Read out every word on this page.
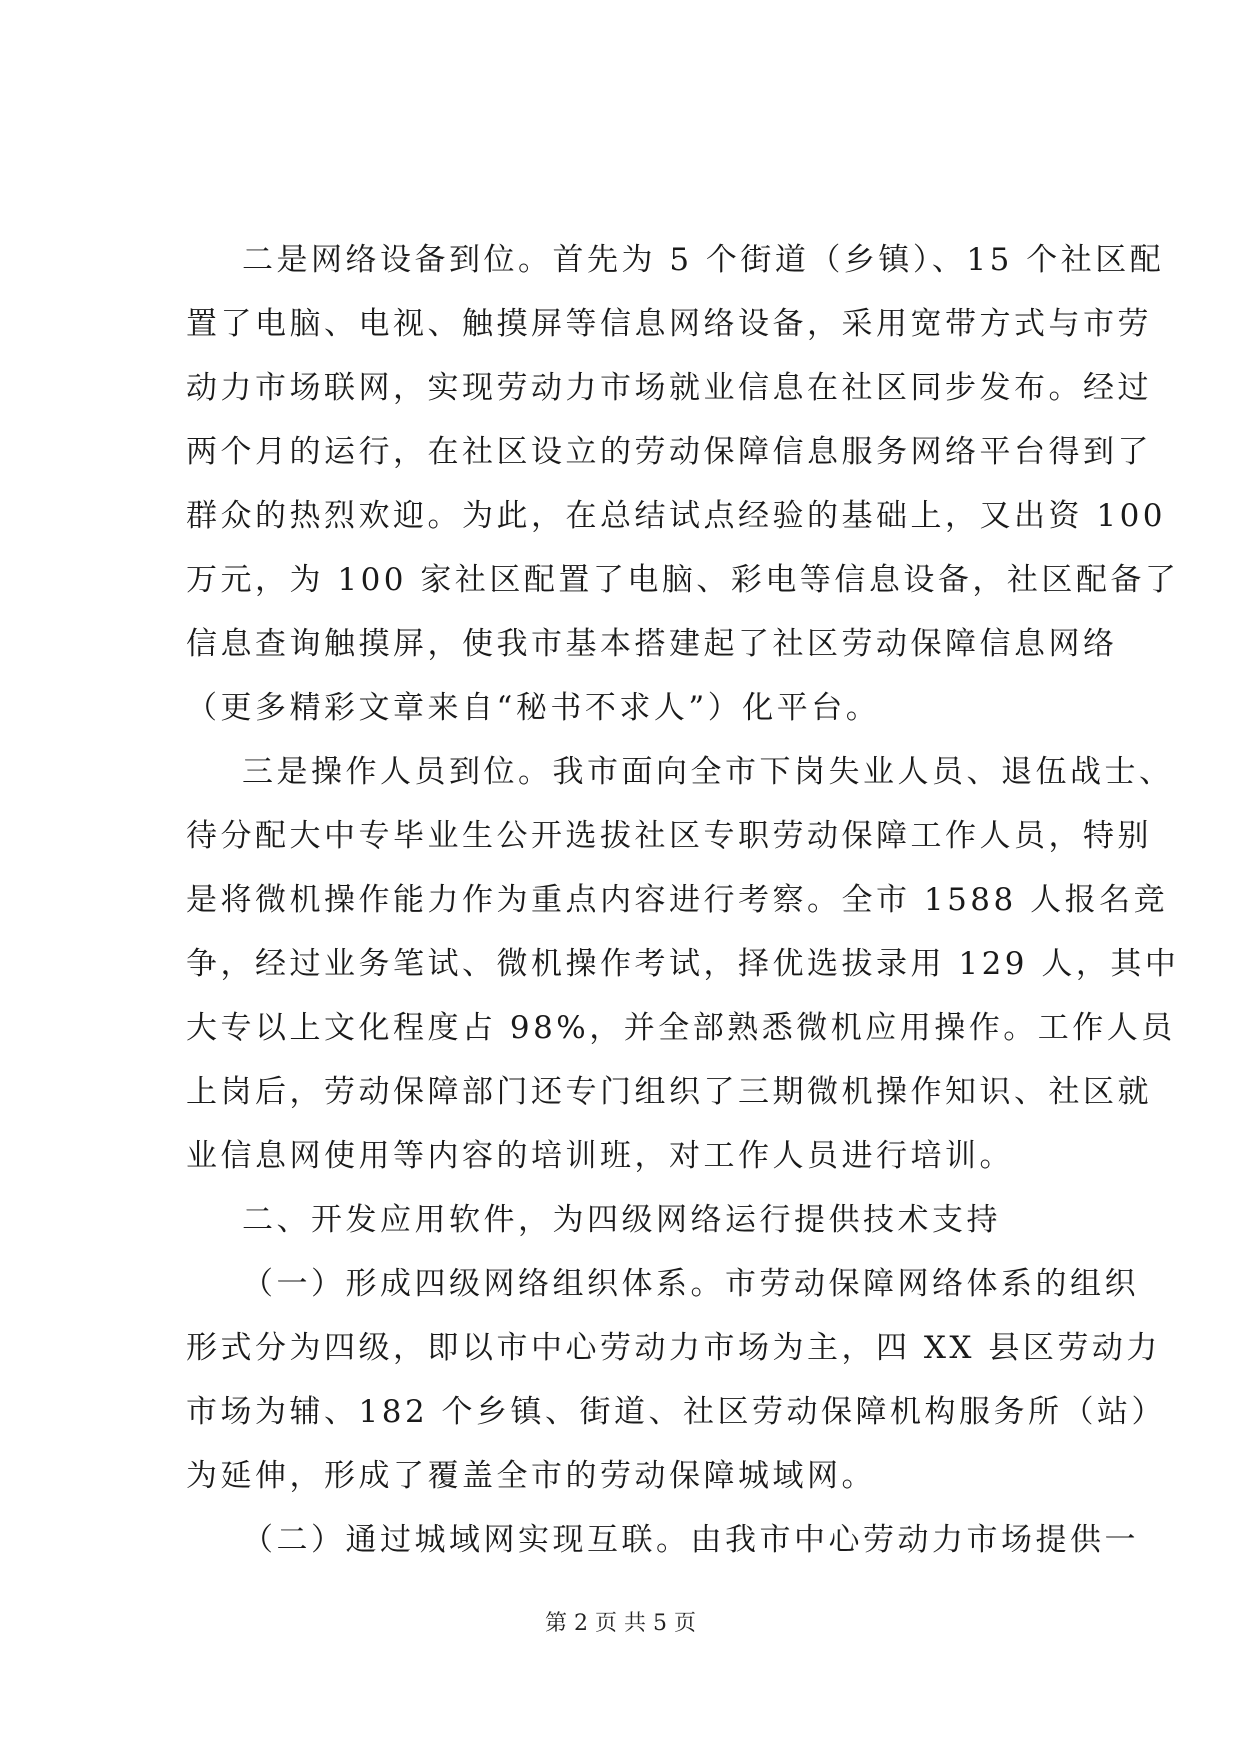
二是网络设备到位。首先为 5 个街道（乡镇）、15 个社区配
置了电脑、电视、触摸屏等信息网络设备，采用宽带方式与市劳
动力市场联网，实现劳动力市场就业信息在社区同步发布。经过
两个月的运行，在社区设立的劳动保障信息服务网络平台得到了
群众的热烈欢迎。为此，在总结试点经验的基础上，又出资 100
万元，为 100 家社区配置了电脑、彩电等信息设备，社区配备了
信息查询触摸屏，使我市基本搭建起了社区劳动保障信息网络
（更多精彩文章来自“秘书不求人”）化平台。
三是操作人员到位。我市面向全市下岗失业人员、退伍战士、
待分配大中专毕业生公开选拔社区专职劳动保障工作人员，特别
是将微机操作能力作为重点内容进行考察。全市 1588 人报名竞
争，经过业务笔试、微机操作考试，择优选拔录用 129 人，其中
大专以上文化程度占 98%，并全部熟悉微机应用操作。工作人员
上岗后，劳动保障部门还专门组织了三期微机操作知识、社区就
业信息网使用等内容的培训班，对工作人员进行培训。
二、开发应用软件，为四级网络运行提供技术支持
（一）形成四级网络组织体系。市劳动保障网络体系的组织
形式分为四级，即以市中心劳动力市场为主，四 XX 县区劳动力
市场为辅、182 个乡镇、街道、社区劳动保障机构服务所（站）
为延伸，形成了覆盖全市的劳动保障城域网。
（二）通过城域网实现互联。由我市中心劳动力市场提供一
第 2 页 共 5 页
